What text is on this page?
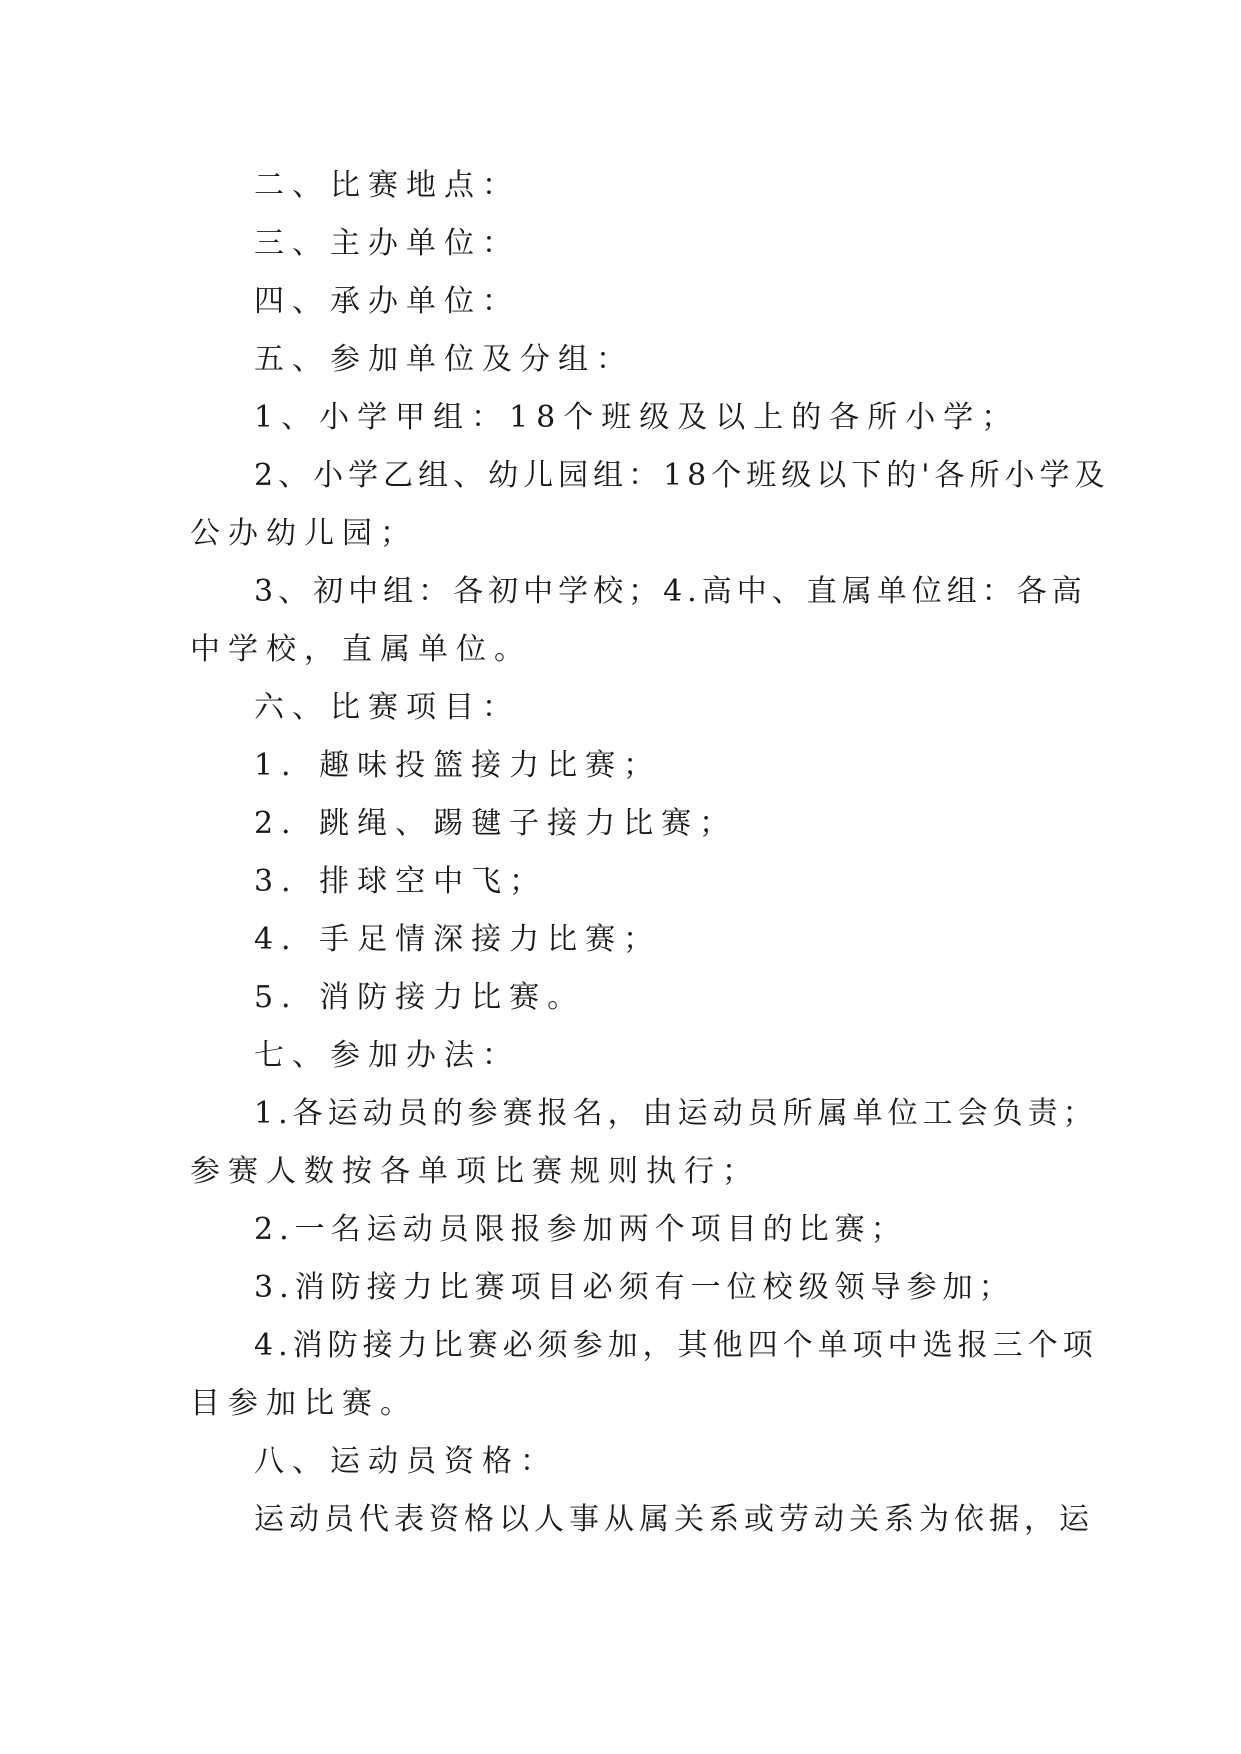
二、比赛地点：
三、主办单位：
四、承办单位：
五、参加单位及分组：
1、小学甲组：18个班级及以上的各所小学；
2、小学乙组、幼儿园组：18个班级以下的'各所小学及
公办幼儿园；
3、初中组：各初中学校；4.高中、直属单位组：各高
中学校，直属单位。
六、比赛项目：
1．趣味投篮接力比赛；
2．跳绳、踢毽子接力比赛；
3．排球空中飞；
4．手足情深接力比赛；
5．消防接力比赛。
七、参加办法：
1.各运动员的参赛报名，由运动员所属单位工会负责；
参赛人数按各单项比赛规则执行；
2.一名运动员限报参加两个项目的比赛；
3.消防接力比赛项目必须有一位校级领导参加；
4.消防接力比赛必须参加，其他四个单项中选报三个项
目参加比赛。
八、运动员资格：
运动员代表资格以人事从属关系或劳动关系为依据，运
